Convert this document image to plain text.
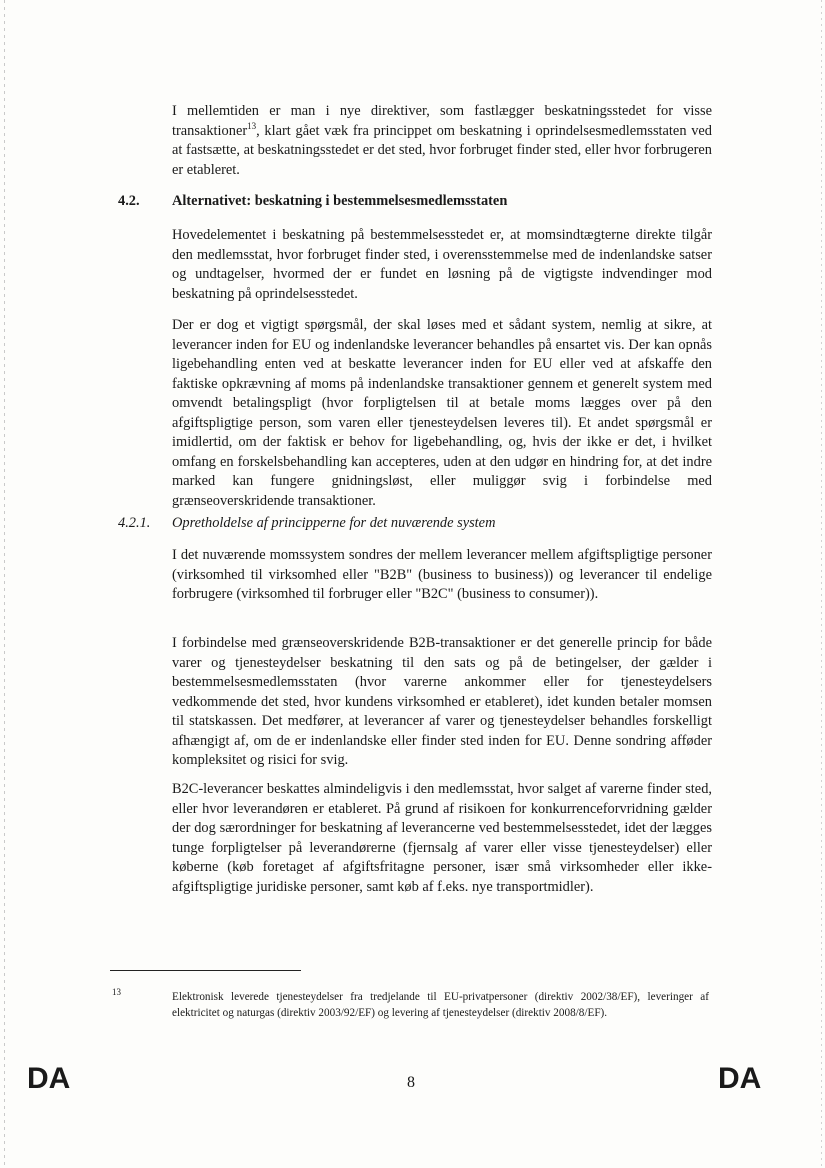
I mellemtiden er man i nye direktiver, som fastlægger beskatningsstedet for visse transaktioner$^{13}$, klart gået væk fra princippet om beskatning i oprindelsesmedlemsstaten ved at fastsætte, at beskatningsstedet er det sted, hvor forbruget finder sted, eller hvor forbrugeren er etableret.

4.2. Alternativet: beskatning i bestemmelsesmedlemsstaten

Hovedelementet i beskatning på bestemmelsesstedet er, at momsindtægterne direkte tilgår den medlemsstat, hvor forbruget finder sted, i overensstemmelse med de indenlandske satser og undtagelser, hvormed der er fundet en løsning på de vigtigste indvendinger mod beskatning på oprindelsesstedet.

Der er dog et vigtigt spørgsmål, der skal løses med et sådant system, nemlig at sikre, at leverancer inden for EU og indenlandske leverancer behandles på ensartet vis. Der kan opnås ligebehandling enten ved at beskatte leverancer inden for EU eller ved at afskaffe den faktiske opkrævning af moms på indenlandske transaktioner gennem et generelt system med omvendt betalingspligt (hvor forpligtelsen til at betale moms lægges over på den afgiftspligtige person, som varen eller tjenesteydelsen leveres til). Et andet spørgsmål er imidlertid, om der faktisk er behov for ligebehandling, og, hvis der ikke er det, i hvilket omfang en forskelsbehandling kan accepteres, uden at den udgør en hindring for, at det indre marked kan fungere gnidningsløst, eller muliggør svig i forbindelse med grænseoverskridende transaktioner.

4.2.1. Opretholdelse af principperne for det nuværende system

I det nuværende momssystem sondres der mellem leverancer mellem afgiftspligtige personer (virksomhed til virksomhed eller "B2B" (business to business)) og leverancer til endelige forbrugere (virksomhed til forbruger eller "B2C" (business to consumer)).

I forbindelse med grænseoverskridende B2B-transaktioner er det generelle princip for både varer og tjenesteydelser beskatning til den sats og på de betingelser, der gælder i bestemmelsesmedlemsstaten (hvor varerne ankommer eller for tjenesteydelsers vedkommende det sted, hvor kundens virksomhed er etableret), idet kunden betaler momsen til statskassen. Det medfører, at leverancer af varer og tjenesteydelser behandles forskelligt afhængigt af, om de er indenlandske eller finder sted inden for EU. Denne sondring afføder kompleksitet og risici for svig.

B2C-leverancer beskattes almindeligvis i den medlemsstat, hvor salget af varerne finder sted, eller hvor leverandøren er etableret. På grund af risikoen for konkurrenceforvridning gælder der dog særordninger for beskatning af leverancerne ved bestemmelsesstedet, idet der lægges tunge forpligtelser på leverandørerne (fjernsalg af varer eller visse tjenesteydelser) eller køberne (køb foretaget af afgiftsfritagne personer, især små virksomheder eller ikke-afgiftspligtige juridiske personer, samt køb af f.eks. nye transportmidler).

13	Elektronisk leverede tjenesteydelser fra tredjelande til EU-privatpersoner (direktiv 2002/38/EF), leveringer af elektricitet og naturgas (direktiv 2003/92/EF) og levering af tjenesteydelser (direktiv 2008/8/EF).

DA	8	DA
